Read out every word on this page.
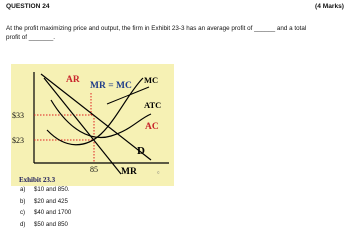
QUESTION 24	(4 Marks)
At the profit maximizing price and output, the firm in Exhibit 23-3 has an average profit of ______ and a total
profit of _______.
AR
MR = MC
MC
ATC
AC
D
MR
$33
$23
85
Exhibit 23.3
©
a) $10 and 850.
b) $20 and 425
c) $40 and 1700
d) $50 and 850
